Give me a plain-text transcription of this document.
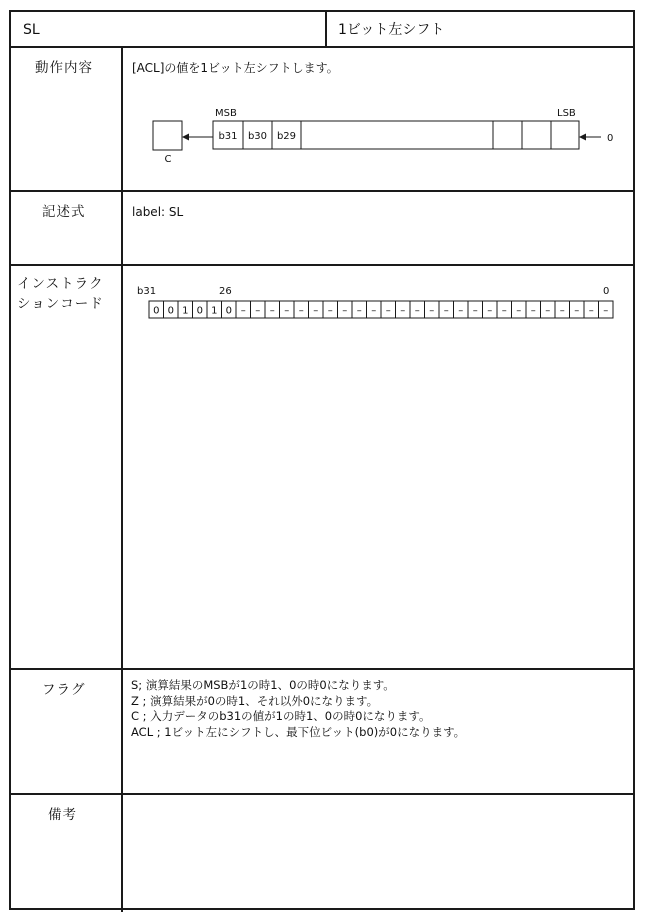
SL	1ビット左シフト
動作内容	[ACL]の値を1ビット左シフトします。
C
b31 b30 b29
MSB	LSB
0
記述式	label: SL
インストラク
ションコード
b31	26	0
0 0 1 0 1 0 – – – – – – – – – – – – – – – – – – – – – – – – – –
フラグ	S; 演算結果のMSBが1の時1、0の時0になります。
Z ; 演算結果が0の時1、それ以外0になります。
C ; 入力データのb31の値が1の時1、0の時0になります。
ACL ; 1ビット左にシフトし、最下位ビット(b0)が0になります。
備考
